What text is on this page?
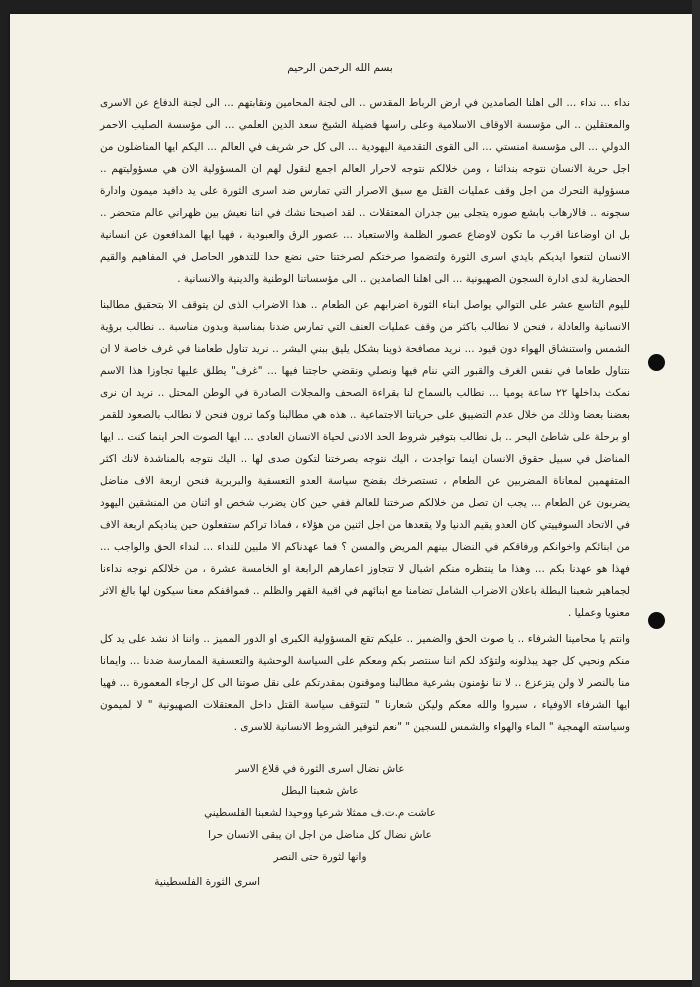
بسم الله الرحمن الرحيم

نداء ... نداء ... الى اهلنا الصامدين في ارض الرباط المقدس .. الى لجنة المحامين ونقابتهم ... الى لجنة الدفاع عن الاسرى والمعتقلين .. الى مؤسسة الاوقاف الاسلامية وعلى راسها فضيلة الشيخ سعد الدين العلمي ... الى مؤسسة الصليب الاحمر الدولي ... الى مؤسسة امنستي ... الى القوى التقدمية اليهودية ... الى كل حر شريف في العالم ... اليكم ايها المناضلون من اجل حرية الانسان نتوجه بندائنا ، ومن خلالكم نتوجه لاحرار العالم اجمع لنقول لهم ان المسؤولية الان هي مسؤوليتهم .. مسؤولية التحرك من اجل وقف عمليات القتل مع سبق الاصرار التي تمارس ضد اسرى الثورة على يد دافيد ميمون وادارة سجونه .. فالارهاب بابشع صوره يتجلى بين جدران المعتقلات .. لقد اصبحنا نشك في اننا نعيش بين ظهراني عالم متحضر .. بل ان اوضاعنا اقرب ما تكون لاوضاع عصور الظلمة والاستعباد ... عصور الرق والعبودية ، فهيا ايها المدافعون عن انسانية الانسان لتنعوا ايديكم بايدي اسرى الثورة ولتضموا صرختكم لصرختنا حتى نضع حدا للتدهور الحاصل في المفاهيم والقيم الحضارية لدى ادارة السجون الصهيونية ... الى اهلنا الصامدين .. الى مؤسساتنا الوطنية والدينية والانسانية .

لليوم التاسع عشر على التوالي يواصل ابناء الثورة اضرابهم عن الطعام .. هذا الاضراب الذى لن يتوقف الا بتحقيق مطالبنا الانسانية والعادلة ، فنحن لا نطالب باكثر من وقف عمليات العنف التي تمارس ضدنا بمناسبة وبدون مناسبة .. نطالب برؤية الشمس واستنشاق الهواء دون قيود ... نريد مصافحة ذوينا بشكل يليق ببني البشر .. نريد تناول طعامنا في غرف خاصة لا ان نتناول طعاما في نفس الغرف والقبور التي ننام فيها ونصلي ونقضي حاجتنا فيها ... "غرف" يطلق عليها تجاوزا هذا الاسم نمكث بداخلها ٢٢ ساعة يوميا ... نطالب بالسماح لنا بقراءة الصحف والمجلات الصادرة في الوطن المحتل .. نريد ان نرى بعضنا بعضا وذلك من خلال عدم التضييق على حرياتنا الاجتماعية .. هذه هي مطالبنا وكما ترون فنحن لا نطالب بالصعود للقمر او برحلة على شاطئ البحر .. بل نطالب بتوفير شروط الحد الادنى لحياة الانسان العادى ... ايها الصوت الحر اينما كنت .. ايها المناضل في سبيل حقوق الانسان اينما تواجدت ، اليك نتوجه بصرختنا لتكون صدى لها .. اليك نتوجه بالمناشدة لانك اكثر المتفهمين لمعاناة المضربين عن الطعام ، تستصرخك بفضح سياسة العدو التعسفية والبربرية فنحن اربعة الاف مناضل يضربون عن الطعام ... يجب ان تصل من خلالكم صرختنا للعالم ففي حين كان يضرب شخص او اثنان من المنشقين اليهود في الاتحاد السوفييتي كان العدو يقيم الدنيا ولا يقعدها من اجل اثنين من هؤلاء ، فماذا تراكم ستفعلون حين يناديكم اربعة الاف من ابنائكم واخوانكم ورفاقكم في النضال بينهم المريض والمسن ؟ فما عهدناكم الا ملبين للنداء ... لنداء الحق والواجب ... فهذا هو عهدنا بكم ... وهذا ما ينتظره منكم اشبال لا تتجاوز اعمارهم الرابعة او الخامسة عشرة ، من خلالكم نوجه نداءنا لجماهير شعبنا البطلة باعلان الاضراب الشامل تضامنا مع ابنائهم في اقبية القهر والظلم .. فمواقفكم معنا سيكون لها بالغ الاثر معنويا وعمليا .

وانتم يا محامينا الشرفاء .. يا صوت الحق والضمير .. عليكم تقع المسؤولية الكبرى او الدور المميز .. واننا اذ نشد على يد كل منكم ونحيي كل جهد يبذلونه ولتؤكد لكم اننا سنتصر بكم ومعكم على السياسة الوحشية والتعسفية الممارسة ضدنا ... وايمانا منا بالنصر لا ولن يتزعزع .. لا ننا نؤمنون بشرعية مطالبنا وموقنون بمقدرتكم على نقل صوتنا الى كل ارجاء المعمورة ... فهيا ايها الشرفاء الاوفياء ، سيروا والله معكم وليكن شعارنا " لتتوقف سياسة القتل داخل المعتقلات الصهيونية " لا لميمون وسياسته الهمجية " الماء والهواء والشمس للسجين " "نعم لتوفير الشروط الانسانية للاسرى .

عاش نضال اسرى الثورة في قلاع الاسر
عاش شعبنا البطل
عاشت م.ت.ف ممثلا شرعيا ووحيدا لشعبنا الفلسطيني
عاش نضال كل مناضل من اجل ان يبقى الانسان حرا
وانها لثورة حتى النصر
اسرى الثورة الفلسطينية
